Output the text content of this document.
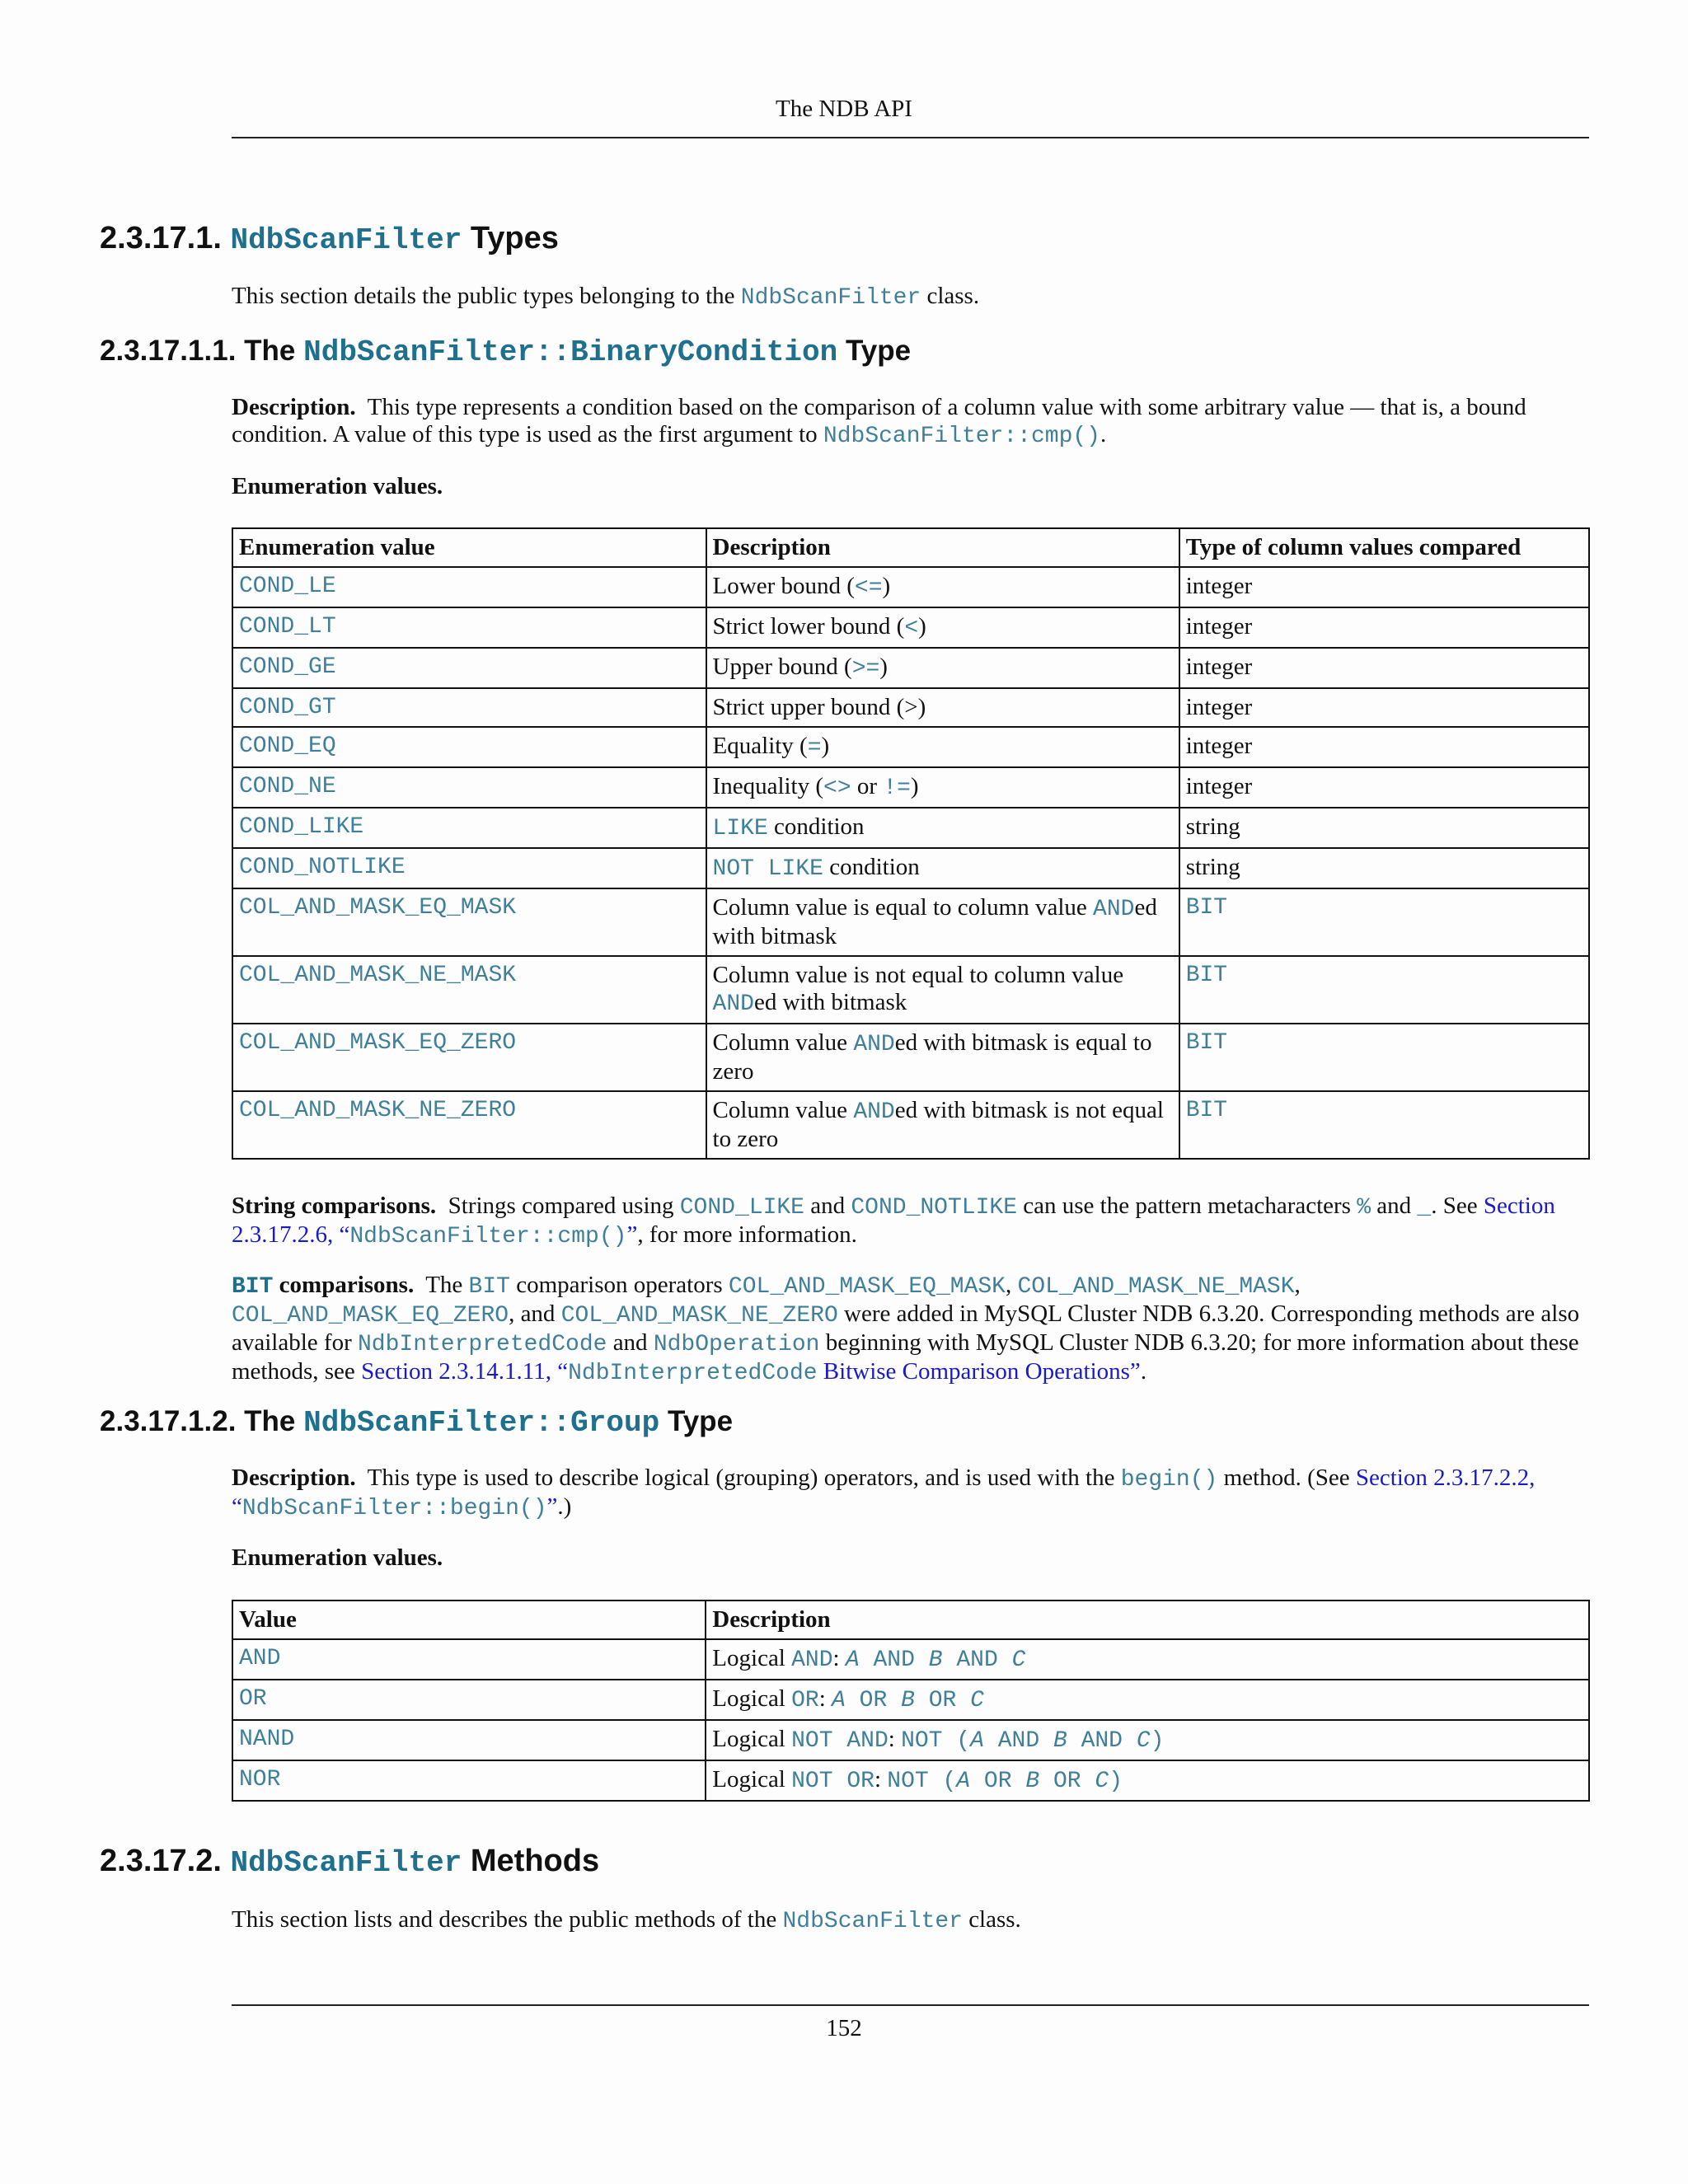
The NDB API
2.3.17.1. NdbScanFilter Types

This section details the public types belonging to the NdbScanFilter class.

2.3.17.1.1. The NdbScanFilter::BinaryCondition Type

Description. This type represents a condition based on the comparison of a column value with some arbitrary value — that is, a bound condition. A value of this type is used as the first argument to NdbScanFilter::cmp().

Enumeration values.

Enumeration value	Description	Type of column values compared
COND_LE	Lower bound (<=)	integer
COND_LT	Strict lower bound (<)	integer
COND_GE	Upper bound (>=)	integer
COND_GT	Strict upper bound (>)	integer
COND_EQ	Equality (=)	integer
COND_NE	Inequality (<> or !=)	integer
COND_LIKE	LIKE condition	string
COND_NOTLIKE	NOT LIKE condition	string
COL_AND_MASK_EQ_MASK	Column value is equal to column value ANDed with bitmask	BIT
COL_AND_MASK_NE_MASK	Column value is not equal to column value ANDed with bitmask	BIT
COL_AND_MASK_EQ_ZERO	Column value ANDed with bitmask is equal to zero	BIT
COL_AND_MASK_NE_ZERO	Column value ANDed with bitmask is not equal to zero	BIT

String comparisons. Strings compared using COND_LIKE and COND_NOTLIKE can use the pattern metacharacters % and _. See Section 2.3.17.2.6, “NdbScanFilter::cmp()”, for more information.

BIT comparisons. The BIT comparison operators COL_AND_MASK_EQ_MASK, COL_AND_MASK_NE_MASK, COL_AND_MASK_EQ_ZERO, and COL_AND_MASK_NE_ZERO were added in MySQL Cluster NDB 6.3.20. Corresponding methods are also available for NdbInterpretedCode and NdbOperation beginning with MySQL Cluster NDB 6.3.20; for more information about these methods, see Section 2.3.14.1.11, “NdbInterpretedCode Bitwise Comparison Operations”.

2.3.17.1.2. The NdbScanFilter::Group Type

Description. This type is used to describe logical (grouping) operators, and is used with the begin() method. (See Section 2.3.17.2.2, “NdbScanFilter::begin()”.)

Enumeration values.

Value	Description
AND	Logical AND: A AND B AND C
OR	Logical OR: A OR B OR C
NAND	Logical NOT AND: NOT (A AND B AND C)
NOR	Logical NOT OR: NOT (A OR B OR C)
2.3.17.2. NdbScanFilter Methods

This section lists and describes the public methods of the NdbScanFilter class.

152
